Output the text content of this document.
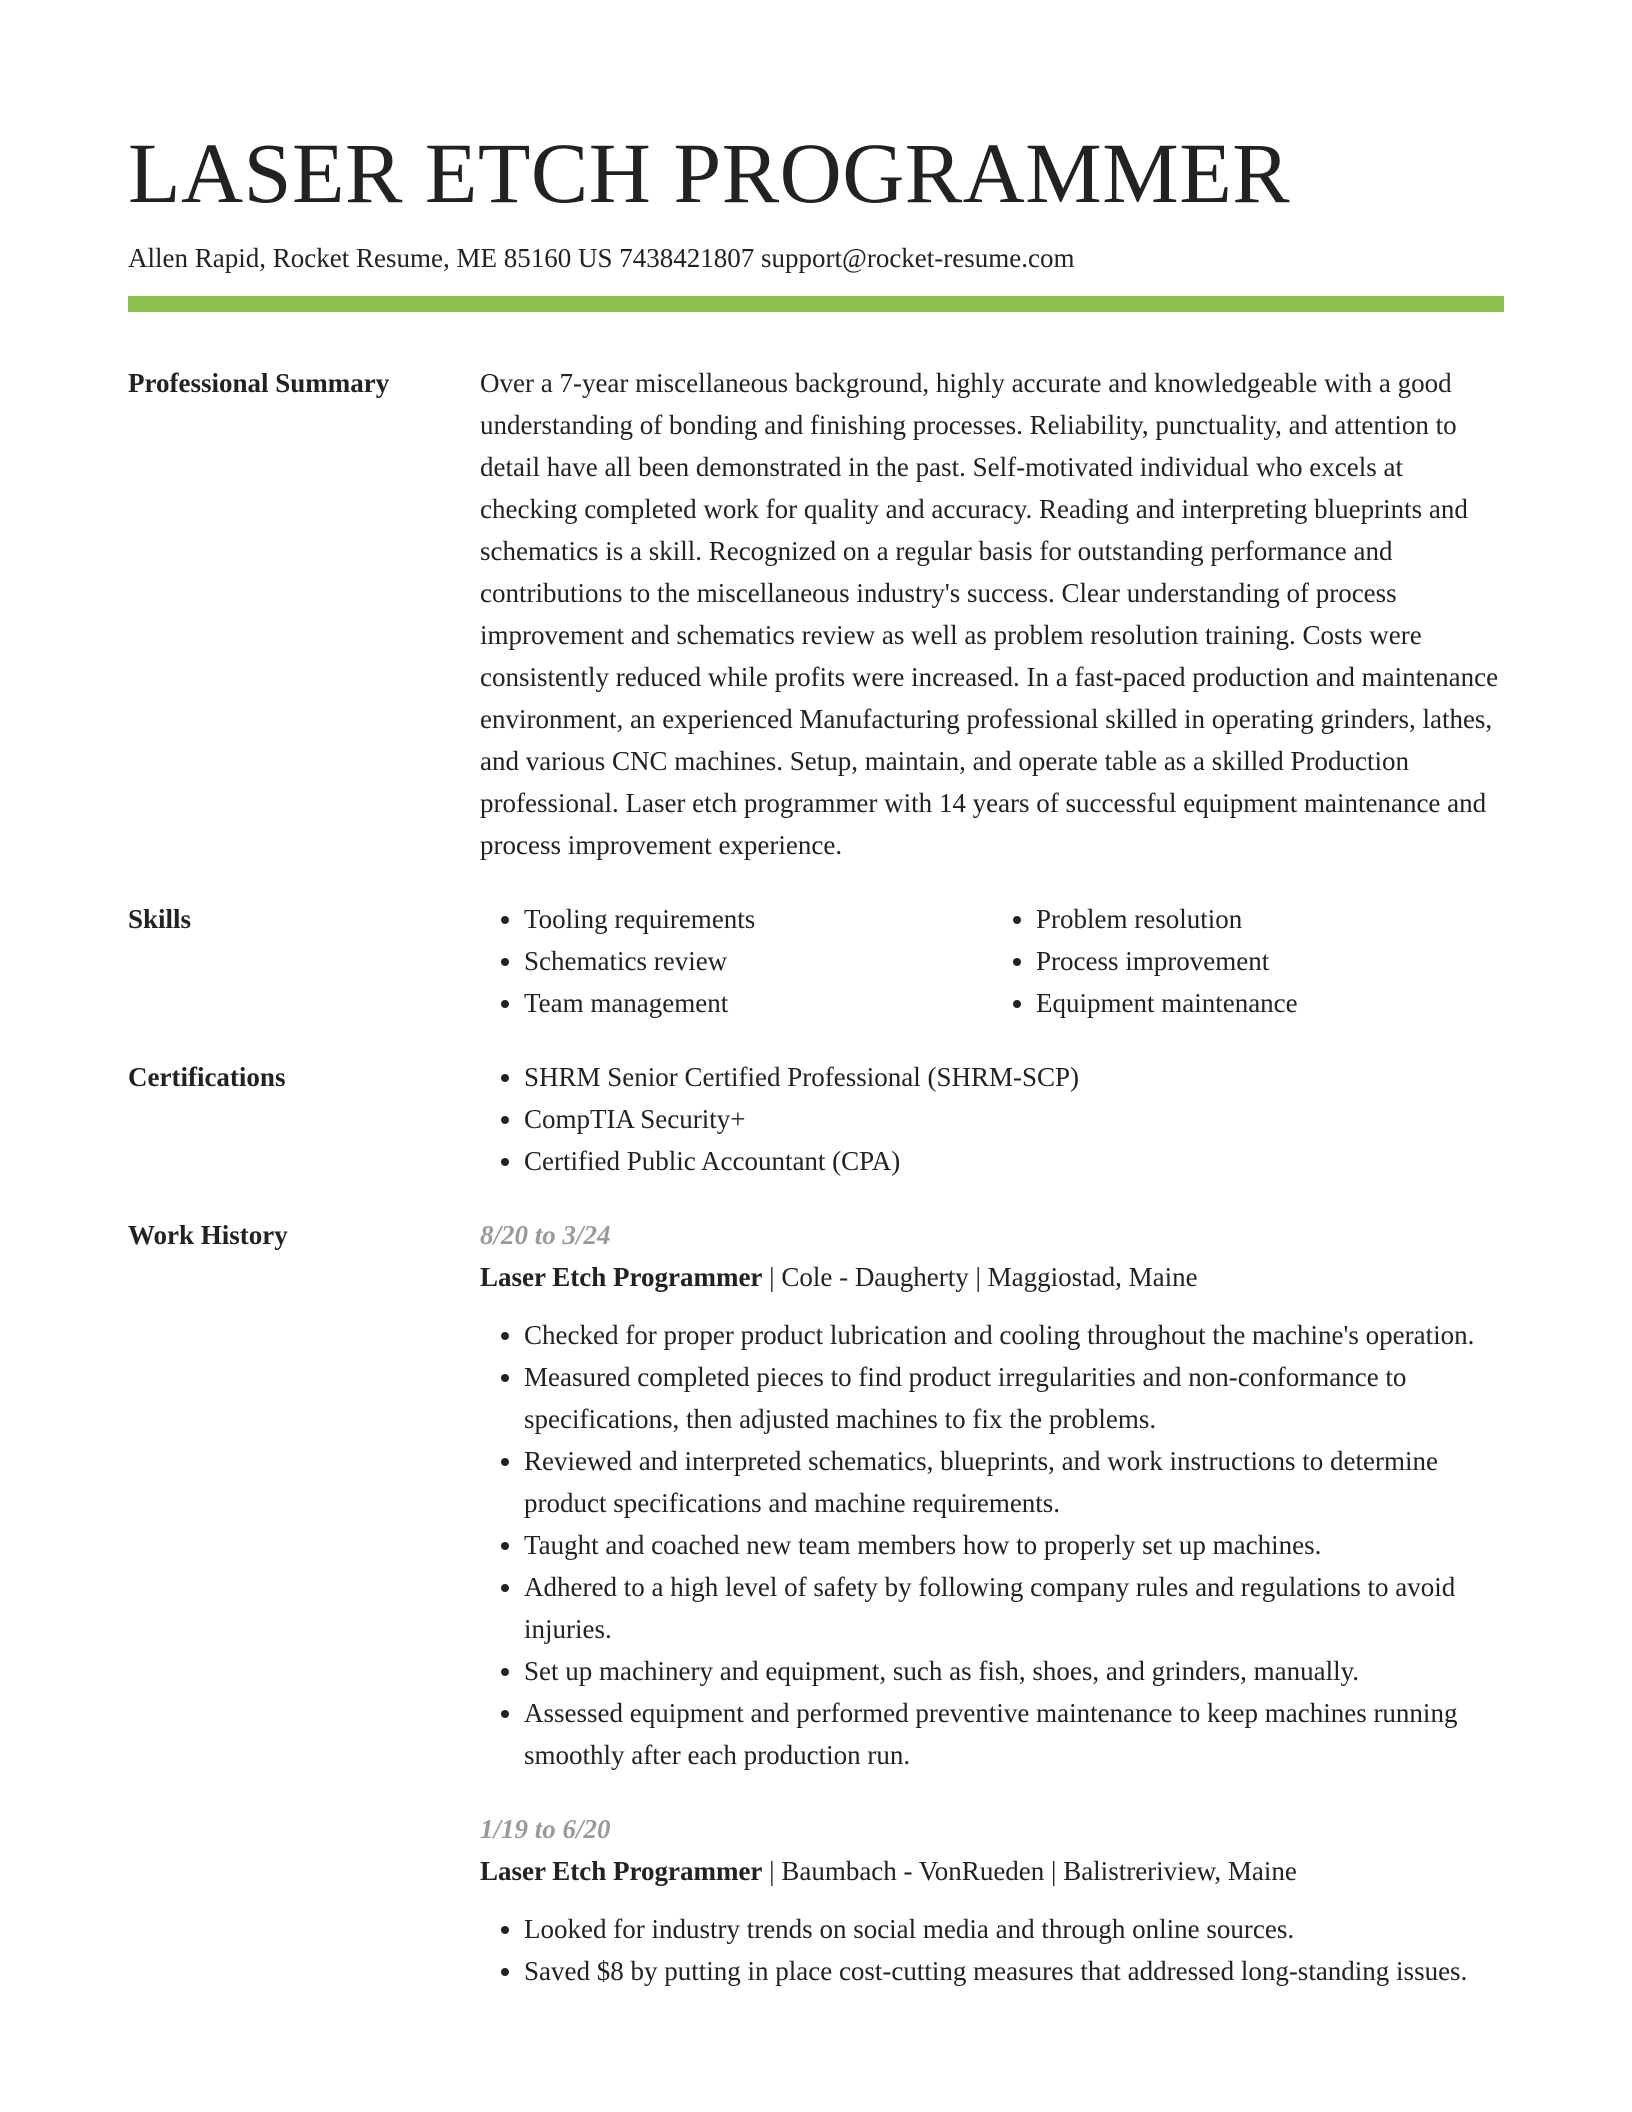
LASER ETCH PROGRAMMER
Allen Rapid, Rocket Resume, ME 85160 US 7438421807 support@rocket-resume.com
Professional Summary	Over a 7-year miscellaneous background, highly accurate and knowledgeable with a good understanding of bonding and finishing processes. Reliability, punctuality, and attention to detail have all been demonstrated in the past. Self-motivated individual who excels at checking completed work for quality and accuracy. Reading and interpreting blueprints and schematics is a skill. Recognized on a regular basis for outstanding performance and contributions to the miscellaneous industry's success. Clear understanding of process improvement and schematics review as well as problem resolution training. Costs were consistently reduced while profits were increased. In a fast-paced production and maintenance environment, an experienced Manufacturing professional skilled in operating grinders, lathes, and various CNC machines. Setup, maintain, and operate table as a skilled Production professional. Laser etch programmer with 14 years of successful equipment maintenance and process improvement experience.

Skills	• Tooling requirements
• Schematics review
• Team management
• Problem resolution
• Process improvement
• Equipment maintenance
Certifications	• SHRM Senior Certified Professional (SHRM-SCP)
• CompTIA Security+
• Certified Public Accountant (CPA)
Work History	8/20 to 3/24
Laser Etch Programmer | Cole - Daugherty | Maggiostad, Maine
• Checked for proper product lubrication and cooling throughout the machine's operation.
• Measured completed pieces to find product irregularities and non-conformance to specifications, then adjusted machines to fix the problems.
• Reviewed and interpreted schematics, blueprints, and work instructions to determine product specifications and machine requirements.
• Taught and coached new team members how to properly set up machines.
• Adhered to a high level of safety by following company rules and regulations to avoid injuries.
• Set up machinery and equipment, such as fish, shoes, and grinders, manually.
• Assessed equipment and performed preventive maintenance to keep machines running smoothly after each production run.
1/19 to 6/20
Laser Etch Programmer | Baumbach - VonRueden | Balistreriview, Maine
• Looked for industry trends on social media and through online sources.
• Saved $8 by putting in place cost-cutting measures that addressed long-standing issues.
